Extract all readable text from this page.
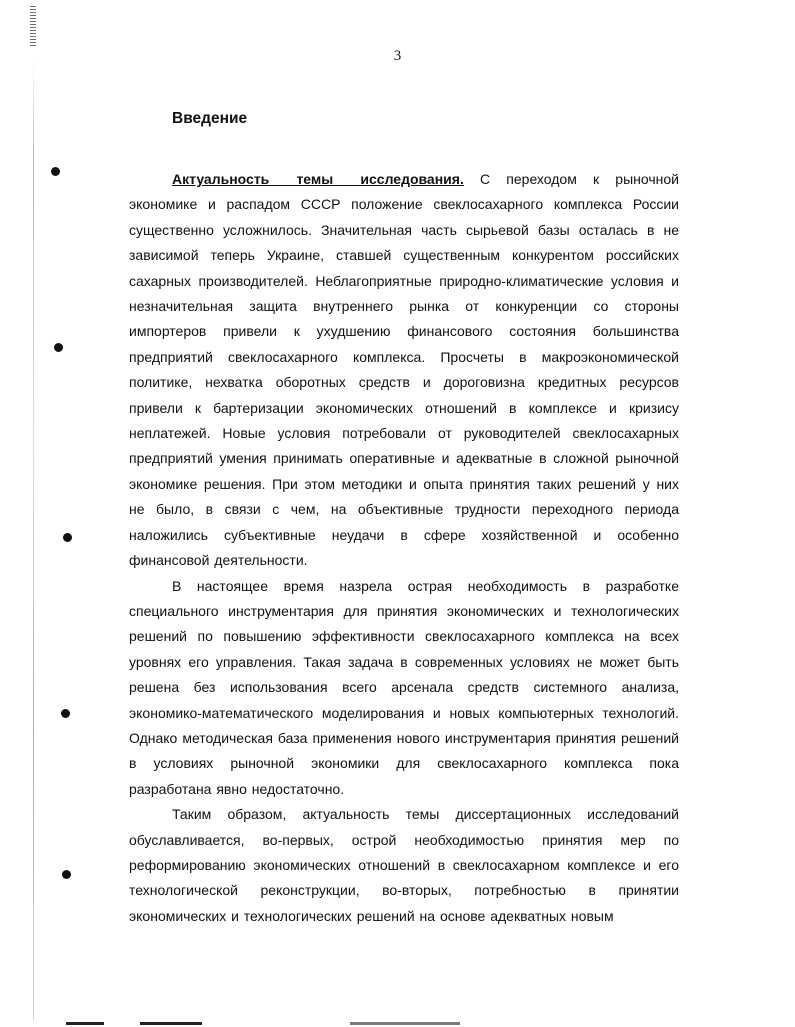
3
Введение

Актуальность темы исследования. С переходом к рыночной экономике и распадом СССР положение свеклосахарного комплекса России существенно усложнилось. Значительная часть сырьевой базы осталась в не зависимой теперь Украине, ставшей существенным конкурентом российских сахарных производителей. Неблагоприятные природно-климатические условия и незначительная защита внутреннего рынка от конкуренции со стороны импортеров привели к ухудшению финансового состояния большинства предприятий свеклосахарного комплекса. Просчеты в макроэкономической политике, нехватка оборотных средств и дороговизна кредитных ресурсов привели к бартеризации экономических отношений в комплексе и кризису неплатежей. Новые условия потребовали от руководителей свеклосахарных предприятий умения принимать оперативные и адекватные в сложной рыночной экономике решения. При этом методики и опыта принятия таких решений у них не было, в связи с чем, на объективные трудности переходного периода наложились субъективные неудачи в сфере хозяйственной и особенно финансовой деятельности.

В настоящее время назрела острая необходимость в разработке специального инструментария для принятия экономических и технологических решений по повышению эффективности свеклосахарного комплекса на всех уровнях его управления. Такая задача в современных условиях не может быть решена без использования всего арсенала средств системного анализа, экономико-математического моделирования и новых компьютерных технологий. Однако методическая база применения нового инструментария принятия решений в условиях рыночной экономики для свеклосахарного комплекса пока разработана явно недостаточно.

Таким образом, актуальность темы диссертационных исследований обуславливается, во-первых, острой необходимостью принятия мер по реформированию экономических отношений в свеклосахарном комплексе и его технологической реконструкции, во-вторых, потребностью в принятии экономических и технологических решений на основе адекватных новым
